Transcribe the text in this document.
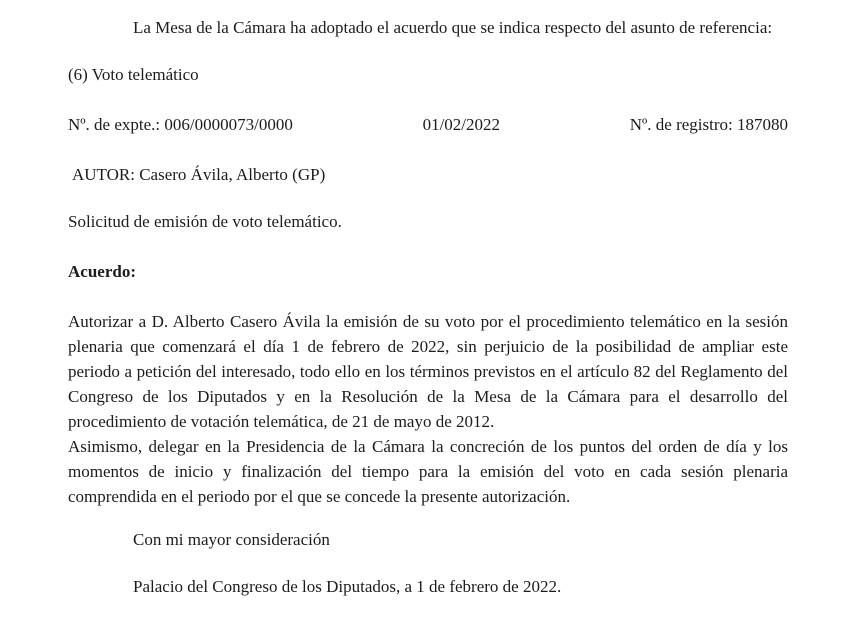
La Mesa de la Cámara ha adoptado el acuerdo que se indica respecto del asunto de referencia:

(6) Voto telemático
Nº. de expte.: 006/0000073/0000	01/02/2022	Nº. de registro: 187080
AUTOR: Casero Ávila, Alberto (GP)
Solicitud de emisión de voto telemático.
Acuerdo:

Autorizar a D. Alberto Casero Ávila la emisión de su voto por el procedimiento telemático en la sesión plenaria que comenzará el día 1 de febrero de 2022, sin perjuicio de la posibilidad de ampliar este periodo a petición del interesado, todo ello en los términos previstos en el artículo 82 del Reglamento del Congreso de los Diputados y en la Resolución de la Mesa de la Cámara para el desarrollo del procedimiento de votación telemática, de 21 de mayo de 2012.

Asimismo, delegar en la Presidencia de la Cámara la concreción de los puntos del orden de día y los momentos de inicio y finalización del tiempo para la emisión del voto en cada sesión plenaria comprendida en el periodo por el que se concede la presente autorización.

Con mi mayor consideración
Palacio del Congreso de los Diputados, a 1 de febrero de 2022.
